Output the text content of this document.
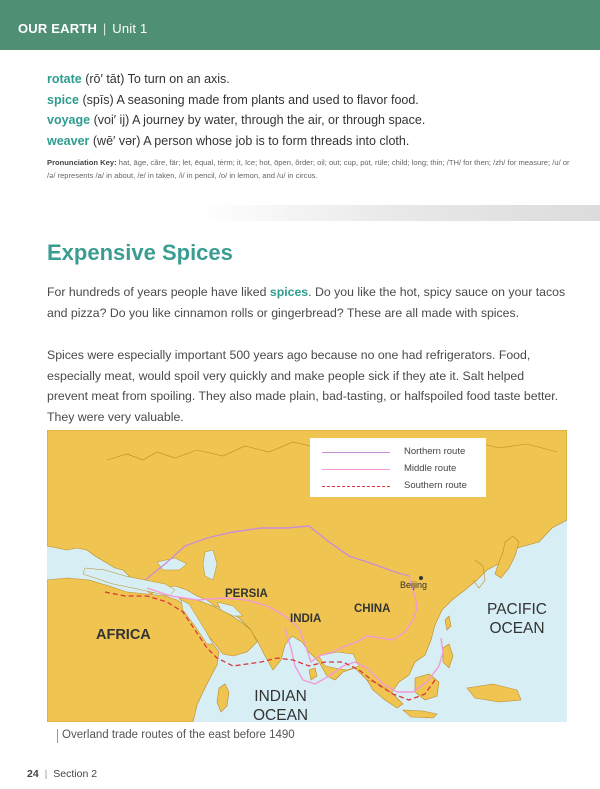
OUR EARTH | Unit 1
rotate (rō′ tāt) To turn on an axis.
spice (spīs) A seasoning made from plants and used to flavor food.
voyage (voi′ ij) A journey by water, through the air, or through space.
weaver (wē′ vər) A person whose job is to form threads into cloth.
Pronunciation Key: hat, āge, cãre, fär; let, ēqual, tėrm; it, īce; hot, ōpen, ôrder; oil; out; cup, pu̇t, rüle; child; long; thin; /TH/ for then; /zh/ for measure; /u/ or /ə/ represents /a/ in about, /e/ in taken, /i/ in pencil, /o/ in lemon, and /u/ in circus.
Expensive Spices
For hundreds of years people have liked spices. Do you like the hot, spicy sauce on your tacos and pizza? Do you like cinnamon rolls or gingerbread? These are all made with spices.
Spices were especially important 500 years ago because no one had refrigerators. Food, especially meat, would spoil very quickly and make people sick if they ate it. Salt helped prevent meat from spoiling. They also made plain, bad-tasting, or halfspoiled food taste better. They were very valuable.
Northern route
Middle route
Southern route
AFRICA
PERSIA
INDIA
CHINA
Beijing
PACIFIC
OCEAN
INDIAN
OCEAN
Overland trade routes of the east before 1490
24 | Section 2
